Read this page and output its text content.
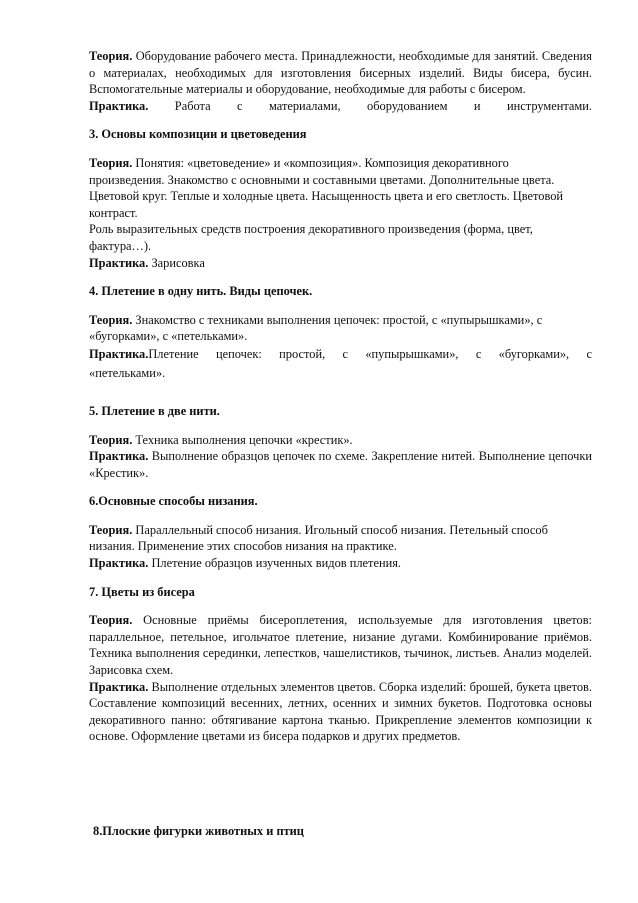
Теория. Оборудование рабочего места. Принадлежности, необходимые для занятий. Сведения о материалах, необходимых для изготовления бисерных изделий. Виды бисера, бусин. Вспомогательные материалы и оборудование, необходимые для работы с бисером.

Практика. Работа с материалами, оборудованием и инструментами.

3. Основы композиции и цветоведения

Теория. Понятия: «цветоведение» и «композиция». Композиция декоративного
произведения. Знакомство с основными и составными цветами. Дополнительные цвета.
Цветовой круг. Теплые и холодные цвета. Насыщенность цвета и его светлость. Цветовой
контраст.
Роль выразительных средств построения декоративного произведения (форма, цвет,
фактура…).

Практика. Зарисовка

4. Плетение в одну нить. Виды цепочек.

Теория. Знакомство с техниками выполнения цепочек: простой, с «пупырышками», с
«бугорками», с «петельками».

Практика.Плетение цепочек: простой, с «пупырышками», с «бугорками», с «петельками».

5. Плетение в две нити.

Теория. Техника выполнения цепочки «крестик».

Практика. Выполнение образцов цепочек по схеме. Закрепление нитей. Выполнение цепочки «Крестик».

6.Основные способы низания.

Теория. Параллельный способ низания. Игольный способ низания. Петельный способ
низания. Применение этих способов низания на практике.

Практика. Плетение образцов изученных видов плетения.

7. Цветы из бисера

Теория. Основные приёмы бисероплетения, используемые для изготовления цветов: параллельное, петельное, игольчатое плетение, низание дугами. Комбинирование приёмов. Техника выполнения серединки, лепестков, чашелистиков, тычинок, листьев. Анализ моделей. Зарисовка схем.

Практика. Выполнение отдельных элементов цветов. Сборка изделий: брошей, букета цветов. Составление композиций весенних, летних, осенних и зимних букетов. Подготовка основы декоративного панно: обтягивание картона тканью. Прикрепление элементов композиции к основе. Оформление цветами из бисера подарков и других предметов.

8.Плоские фигурки животных и птиц
